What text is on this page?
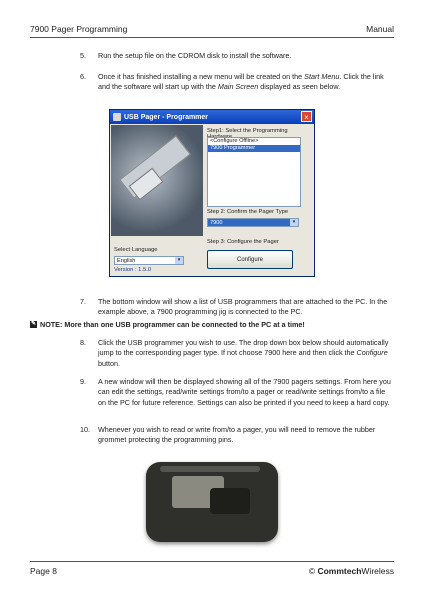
7900 Pager Programming	Manual
5. Run the setup file on the CDROM disk to install the software.
6. Once it has finished installing a new menu will be created on the Start Menu. Click the link and the software will start up with the Main Screen displayed as seen below.
USB Pager - Programmer	×
Step1: Select the Programming
<Configure Offline>
7900 Programmer
Step 2: Confirm the Pager Type
7900	▾
Step 3: Configure the Pager
Configure
Select Language
English	▾
Version : 1.5.0
7. The bottom window will show a list of USB programmers that are attached to the PC. In the example above, a 7900 programming jig is connected to the PC.
✎ NOTE: More than one USB programmer can be connected to the PC at a time!
8. Click the USB programmer you wish to use. The drop down box below should automatically jump to the corresponding pager type. If not choose 7900 here and then click the Configure button.
9. A new window will then be displayed showing all of the 7900 pagers settings. From here you can edit the settings, read/write settings from/to a pager or read/write settings from/to a file on the PC for future reference. Settings can also be printed if you need to keep a hard copy.
10. Whenever you wish to read or write from/to a pager, you will need to remove the rubber grommet protecting the programming pins.
Page 8	© CommtechWireless
